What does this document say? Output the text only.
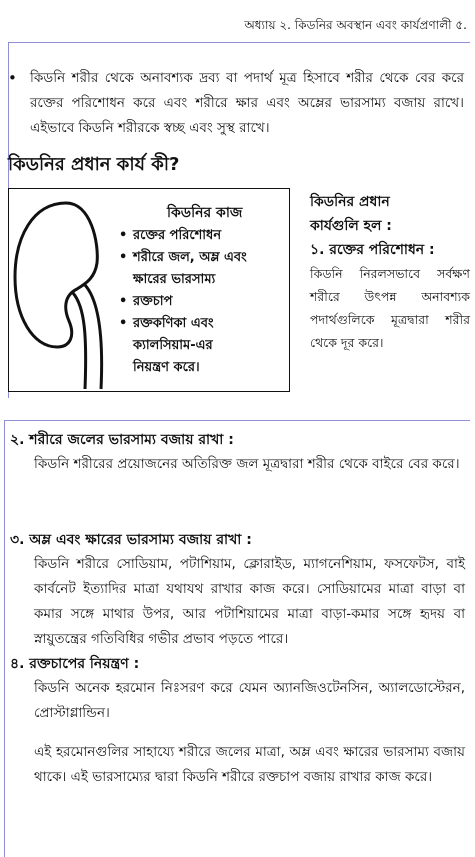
অধ্যায় ২. কিডনির অবস্থান এবং কার্যপ্রণালী ৫.
• কিডনি শরীর থেকে অনাবশ্যক দ্রব্য বা পদার্থ মূত্র হিসাবে শরীর থেকে বের করে রক্তের পরিশোধন করে এবং শরীরে ক্ষার এবং অম্লের ভারসাম্য বজায় রাখে। এইভাবে কিডনি শরীরকে স্বচ্ছ এবং সুস্থ রাখে।
কিডনির প্রধান কার্য কী?
কিডনির কাজ
• রক্তের পরিশোধন
• শরীরে জল, অম্ল এবং
ক্ষারের ভারসাম্য
• রক্তচাপ
• রক্তকণিকা এবং
ক্যালসিয়াম-এর
নিয়ন্ত্রণ করে।
কিডনির প্রধান
কার্যগুলি হল :
১. রক্তের পরিশোধন :
কিডনি নিরলসভাবে সর্বক্ষণ শরীরে উৎপন্ন অনাবশ্যক পদার্থগুলিকে মূত্রদ্বারা শরীর থেকে দূর করে।
২. শরীরে জলের ভারসাম্য বজায় রাখা :
কিডনি শরীরের প্রয়োজনের অতিরিক্ত জল মূত্রদ্বারা শরীর থেকে বাইরে বের করে।
৩. অম্ল এবং ক্ষারের ভারসাম্য বজায় রাখা :
কিডনি শরীরে সোডিয়াম, পটাশিয়াম, ক্লোরাইড, ম্যাগনেশিয়াম, ফসফেটস, বাই কার্বনেট ইত্যাদির মাত্রা যথাযথ রাখার কাজ করে। সোডিয়ামের মাত্রা বাড়া বা কমার সঙ্গে মাথার উপর, আর পটাশিয়ামের মাত্রা বাড়া-কমার সঙ্গে হৃদয় বা স্নায়ুতন্ত্রের গতিবিধির গভীর প্রভাব পড়তে পারে।
৪. রক্তচাপের নিয়ন্ত্রণ :
কিডনি অনেক হরমোন নিঃসরণ করে যেমন অ্যানজিওটেনসিন, অ্যালডোস্টেরন, প্রোস্টাগ্লান্ডিন।
এই হরমোনগুলির সাহায্যে শরীরে জলের মাত্রা, অম্ল এবং ক্ষারের ভারসাম্য বজায় থাকে। এই ভারসাম্যের দ্বারা কিডনি শরীরে রক্তচাপ বজায় রাখার কাজ করে।
